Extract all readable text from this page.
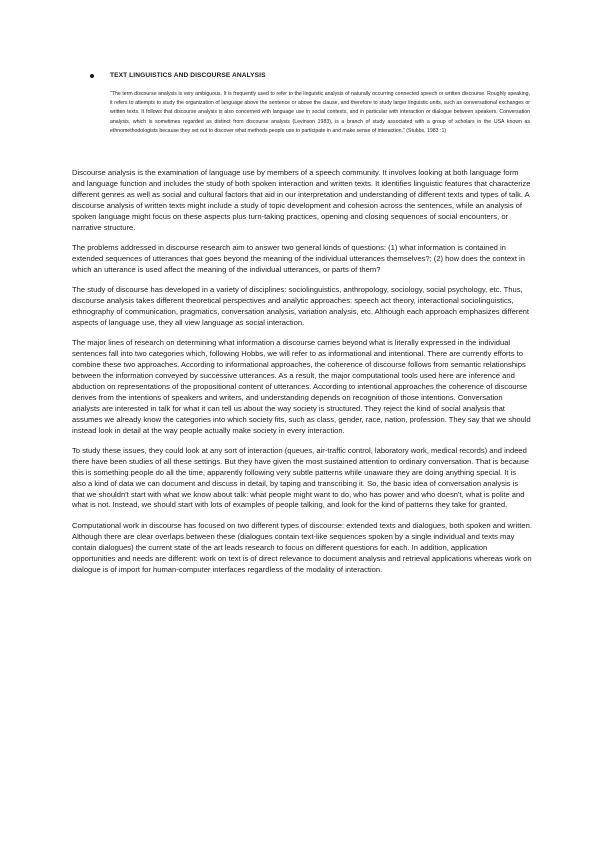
TEXT LINGUISTICS AND DISCOURSE ANALYSIS
"The term discourse analysis is very ambiguous. It is frequently used to refer to the linguistic analysis of naturally occurring connected speech or written discourse. Roughly speaking, it refers to attempts to study the organization of language above the sentence or above the clause, and therefore to study larger linguistic units, such as conversational exchanges or written texts. It follows that discourse analysis is also concerned with language use in social contexts, and in particular with interaction or dialogue between speakers. Conversation analysis, which is sometimes regarded as distinct from discourse analysis (Levinson 1983), is a branch of study associated with a group of scholars in the USA known as ethnomethodologists because they set out to discover what methods people use to participate in and make sense of interaction." (Stubbs, 1983 :1)

Discourse analysis is the examination of language use by members of a speech community. It involves looking at both language form and language function and includes the study of both spoken interaction and written texts. It identifies linguistic features that characterize different genres as well as social and cultural factors that aid in our interpretation and understanding of different texts and types of talk. A discourse analysis of written texts might include a study of topic development and cohesion across the sentences, while an analysis of spoken language might focus on these aspects plus turn-taking practices, opening and closing sequences of social encounters, or narrative structure.

The problems addressed in discourse research aim to answer two general kinds of questions: (1) what information is contained in extended sequences of utterances that goes beyond the meaning of the individual utterances themselves?; (2) how does the context in which an utterance is used affect the meaning of the individual utterances, or parts of them?

The study of discourse has developed in a variety of disciplines: sociolinguistics, anthropology, sociology, social psychology, etc. Thus, discourse analysis takes different theoretical perspectives and analytic approaches: speech act theory, interactional sociolinguistics, ethnography of communication, pragmatics, conversation analysis, variation analysis, etc. Although each approach emphasizes different aspects of language use, they all view language as social interaction.

The major lines of research on determining what information a discourse carries beyond what is literally expressed in the individual sentences fall into two categories which, following Hobbs, we will refer to as informational and intentional. There are currently efforts to combine these two approaches. According to informational approaches, the coherence of discourse follows from semantic relationships between the information conveyed by successive utterances. As a result, the major computational tools used here are inference and abduction on representations of the propositional content of utterances. According to intentional approaches the coherence of discourse derives from the intentions of speakers and writers, and understanding depends on recognition of those intentions. Conversation analysts are interested in talk for what it can tell us about the way society is structured. They reject the kind of social analysis that assumes we already know the categories into which society fits, such as class, gender, race, nation, profession. They say that we should instead look in detail at the way people actually make society in every interaction.

To study these issues, they could look at any sort of interaction (queues, air-traffic control, laboratory work, medical records) and indeed there have been studies of all these settings. But they have given the most sustained attention to ordinary conversation. That is because this is something people do all the time, apparently following very subtle patterns while unaware they are doing anything special. It is also a kind of data we can document and discuss in detail, by taping and transcribing it. So, the basic idea of conversation analysis is that we shouldn't start with what we know about talk: what people might want to do, who has power and who doesn't, what is polite and what is not. Instead, we should start with lots of examples of people talking, and look for the kind of patterns they take for granted.

Computational work in discourse has focused on two different types of discourse: extended texts and dialogues, both spoken and written. Although there are clear overlaps between these (dialogues contain text-like sequences spoken by a single individual and texts may contain dialogues) the current state of the art leads research to focus on different questions for each. In addition, application opportunities and needs are different: work on text is of direct relevance to document analysis and retrieval applications whereas work on dialogue is of import for human-computer interfaces regardless of the modality of interaction.
